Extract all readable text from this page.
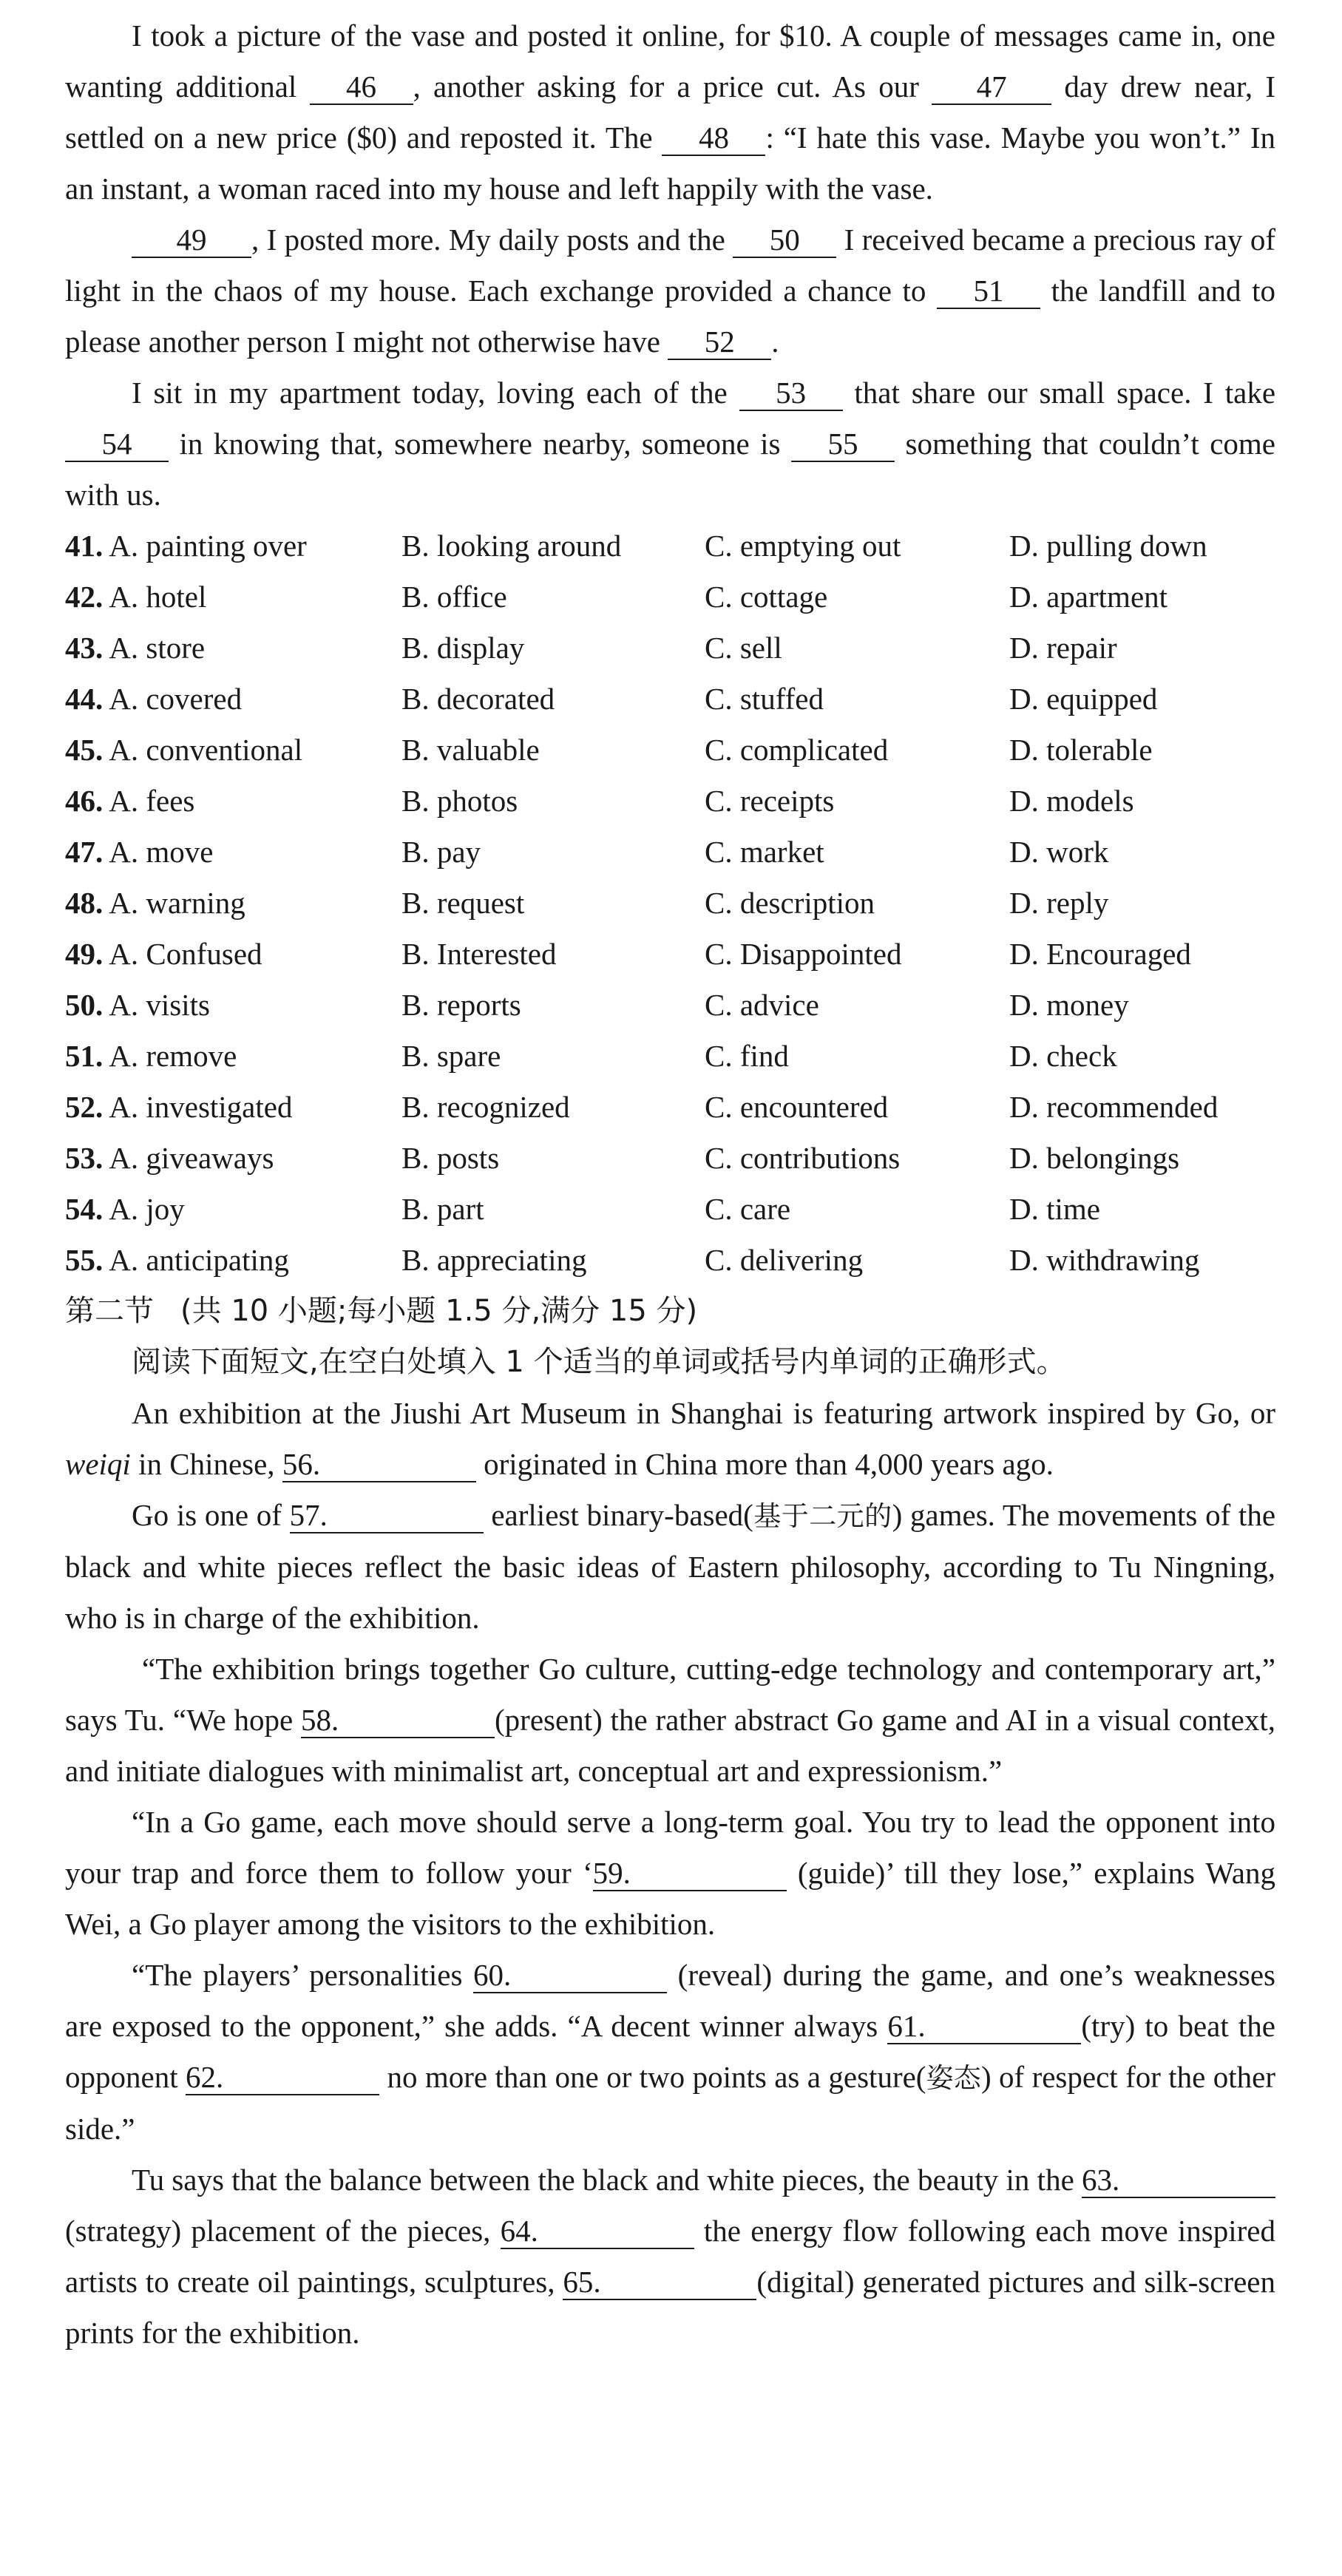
I took a picture of the vase and posted it online, for $10. A couple of messages came in, one wanting additional 46 , another asking for a price cut. As our 47 day drew near, I settled on a new price ($0) and reposted it. The 48 : “I hate this vase. Maybe you won’t.” In an instant, a woman raced into my house and left happily with the vase.

49 , I posted more. My daily posts and the 50 I received became a precious ray of light in the chaos of my house. Each exchange provided a chance to 51 the landfill and to please another person I might not otherwise have 52 .

I sit in my apartment today, loving each of the 53 that share our small space. I take 54 in knowing that, somewhere nearby, someone is 55 something that couldn’t come with us.

41. A. painting over	B. looking around	C. emptying out	D. pulling down
42. A. hotel	B. office	C. cottage	D. apartment
43. A. store	B. display	C. sell	D. repair
44. A. covered	B. decorated	C. stuffed	D. equipped
45. A. conventional	B. valuable	C. complicated	D. tolerable
46. A. fees	B. photos	C. receipts	D. models
47. A. move	B. pay	C. market	D. work
48. A. warning	B. request	C. description	D. reply
49. A. Confused	B. Interested	C. Disappointed	D. Encouraged
50. A. visits	B. reports	C. advice	D. money
51. A. remove	B. spare	C. find	D. check
52. A. investigated	B. recognized	C. encountered	D. recommended
53. A. giveaways	B. posts	C. contributions	D. belongings
54. A. joy	B. part	C. care	D. time
55. A. anticipating	B. appreciating	C. delivering	D. withdrawing
第二节 (共 10 小题;每小题 1.5 分,满分 15 分)
阅读下面短文,在空白处填入 1 个适当的单词或括号内单词的正确形式。

An exhibition at the Jiushi Art Museum in Shanghai is featuring artwork inspired by Go, or weiqi in Chinese, 56.	originated in China more than 4,000 years ago.

Go is one of 57.	earliest binary-based(基于二元的) games. The movements of the black and white pieces reflect the basic ideas of Eastern philosophy, according to Tu Ningning, who is in charge of the exhibition.

“The exhibition brings together Go culture, cutting-edge technology and contemporary art,” says Tu. “We hope 58.	(present) the rather abstract Go game and AI in a visual context, and initiate dialogues with minimalist art, conceptual art and expressionism.”

“In a Go game, each move should serve a long-term goal. You try to lead the opponent into your trap and force them to follow your ‘59.	(guide)’ till they lose,” explains Wang Wei, a Go player among the visitors to the exhibition.

“The players’ personalities 60.	(reveal) during the game, and one’s weaknesses are exposed to the opponent,” she adds. “A decent winner always 61.	(try) to beat the opponent 62.	no more than one or two points as a gesture(姿态) of respect for the other side.”

Tu says that the balance between the black and white pieces, the beauty in the 63.(strategy) placement of the pieces, 64.	the energy flow following each move inspired artists to create oil paintings, sculptures, 65.	(digital) generated pictures and silk-screen prints for the exhibition.
